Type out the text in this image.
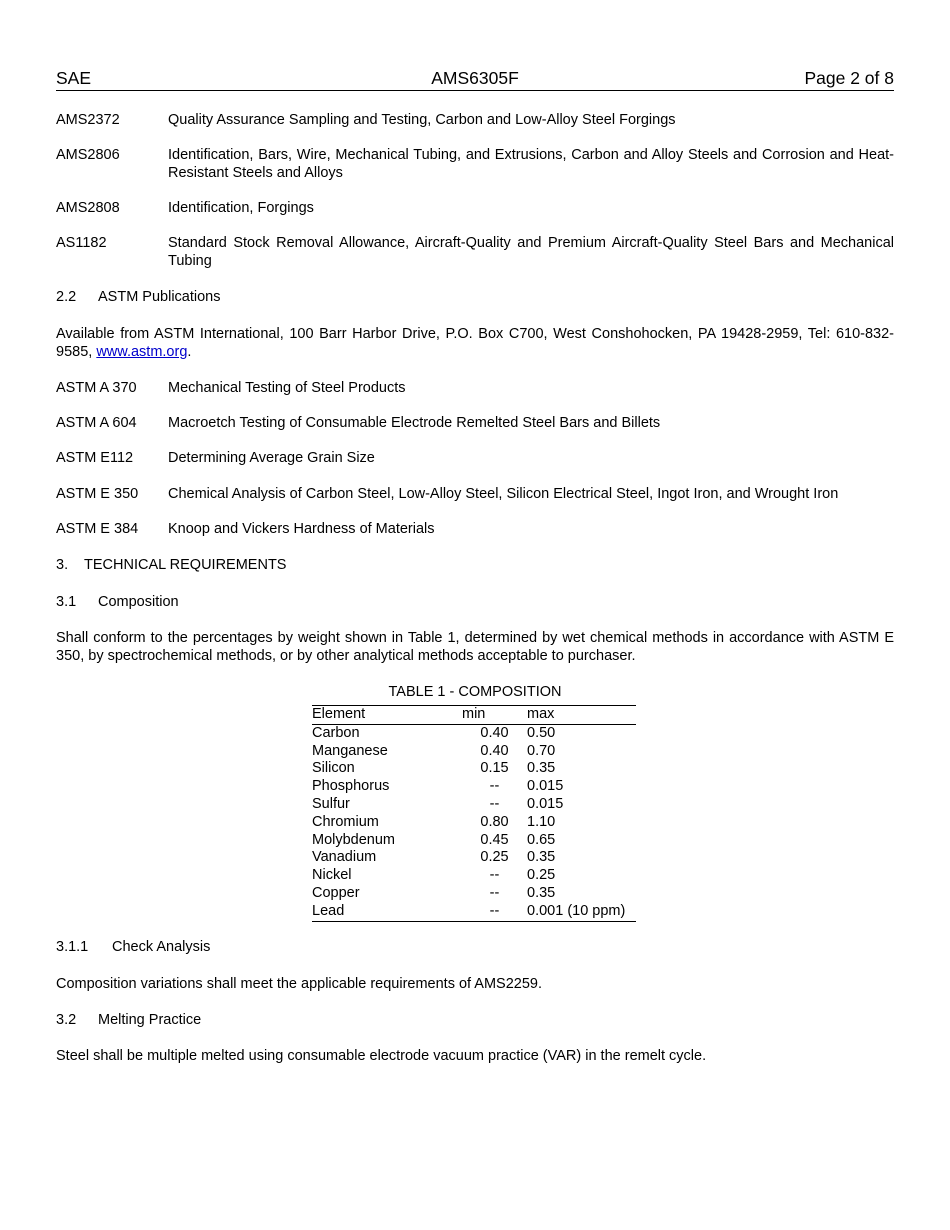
SAE	AMS6305F	Page 2 of 8
AMS2372	Quality Assurance Sampling and Testing, Carbon and Low-Alloy Steel Forgings
AMS2806	Identification, Bars, Wire, Mechanical Tubing, and Extrusions, Carbon and Alloy Steels and Corrosion and Heat-Resistant Steels and Alloys
AMS2808	Identification, Forgings
AS1182	Standard Stock Removal Allowance, Aircraft-Quality and Premium Aircraft-Quality Steel Bars and Mechanical Tubing
2.2 ASTM Publications
Available from ASTM International, 100 Barr Harbor Drive, P.O. Box C700, West Conshohocken, PA 19428-2959, Tel: 610-832-9585, www.astm.org.
ASTM A 370 Mechanical Testing of Steel Products
ASTM A 604 Macroetch Testing of Consumable Electrode Remelted Steel Bars and Billets
ASTM E112 Determining Average Grain Size
ASTM E 350 Chemical Analysis of Carbon Steel, Low-Alloy Steel, Silicon Electrical Steel, Ingot Iron, and Wrought Iron
ASTM E 384 Knoop and Vickers Hardness of Materials
3. TECHNICAL REQUIREMENTS
3.1 Composition
Shall conform to the percentages by weight shown in Table 1, determined by wet chemical methods in accordance with ASTM E 350, by spectrochemical methods, or by other analytical methods acceptable to purchaser.
TABLE 1 - COMPOSITION
Element	min	max
Carbon	0.40	0.50
Manganese	0.40	0.70
Silicon	0.15	0.35
Phosphorus	--	0.015
Sulfur	--	0.015
Chromium	0.80	1.10
Molybdenum	0.45	0.65
Vanadium	0.25	0.35
Nickel	--	0.25
Copper	--	0.35
Lead	--	0.001 (10 ppm)
3.1.1 Check Analysis
Composition variations shall meet the applicable requirements of AMS2259.
3.2 Melting Practice
Steel shall be multiple melted using consumable electrode vacuum practice (VAR) in the remelt cycle.
